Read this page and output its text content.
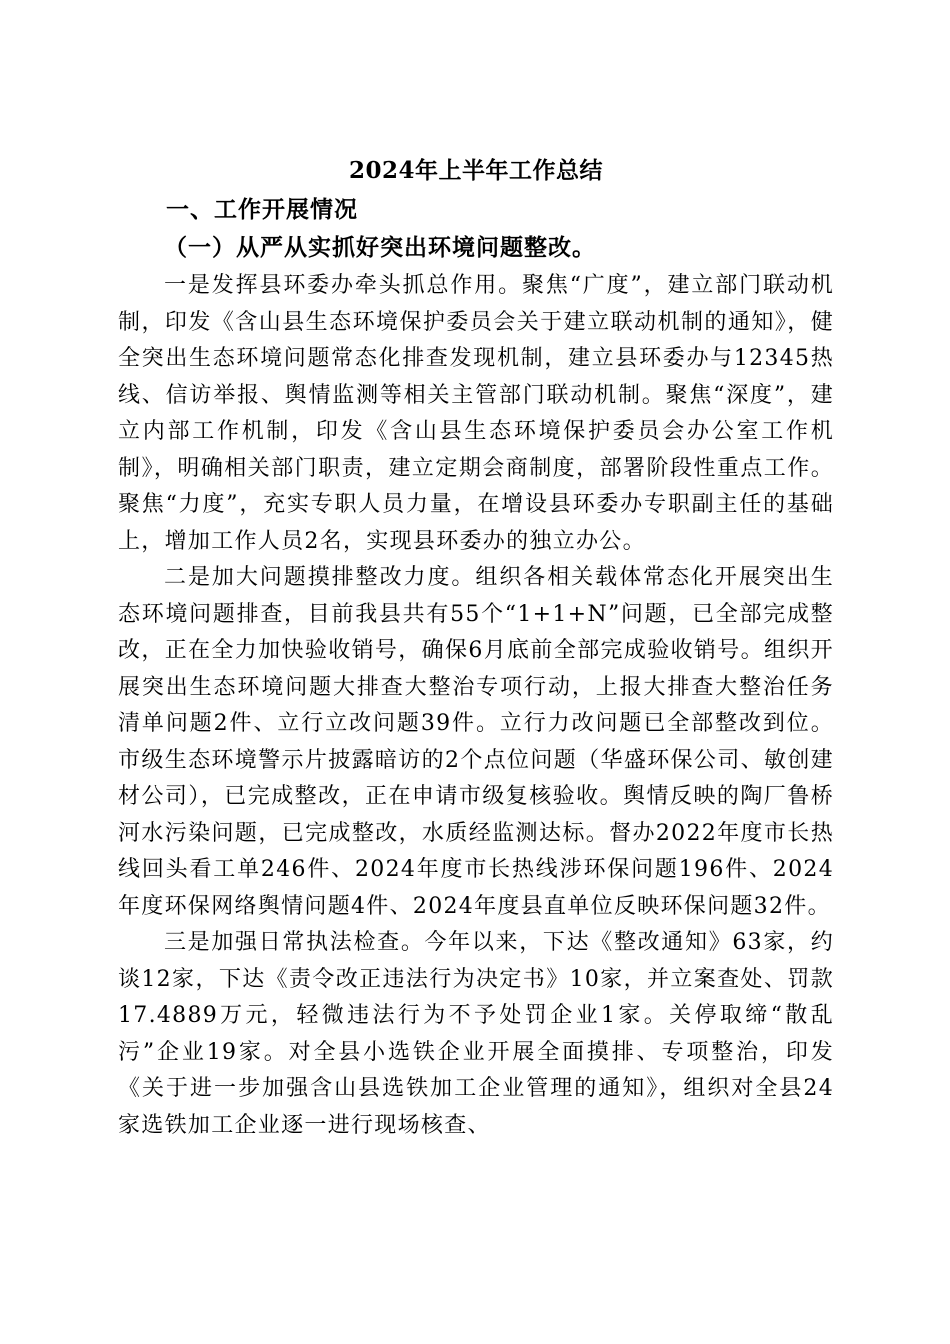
2024年上半年工作总结
一、工作开展情况
（一）从严从实抓好突出环境问题整改。

一是发挥县环委办牵头抓总作用。聚焦“广度”，建立部门联动机制，印发《含山县生态环境保护委员会关于建立联动机制的通知》，健全突出生态环境问题常态化排查发现机制，建立县环委办与12345热线、信访举报、舆情监测等相关主管部门联动机制。聚焦“深度”，建立内部工作机制，印发《含山县生态环境保护委员会办公室工作机制》，明确相关部门职责，建立定期会商制度，部署阶段性重点工作。聚焦“力度”，充实专职人员力量，在增设县环委办专职副主任的基础上，增加工作人员2名，实现县环委办的独立办公。

二是加大问题摸排整改力度。组织各相关载体常态化开展突出生态环境问题排查，目前我县共有55个“1+1+N”问题，已全部完成整改，正在全力加快验收销号，确保6月底前全部完成验收销号。组织开展突出生态环境问题大排查大整治专项行动，上报大排查大整治任务清单问题2件、立行立改问题39件。立行力改问题已全部整改到位。市级生态环境警示片披露暗访的2个点位问题（华盛环保公司、敏创建材公司），已完成整改，正在申请市级复核验收。舆情反映的陶厂鲁桥河水污染问题，已完成整改，水质经监测达标。督办2022年度市长热线回头看工单246件、2024年度市长热线涉环保问题196件、2024年度环保网络舆情问题4件、2024年度县直单位反映环保问题32件。

三是加强日常执法检查。今年以来，下达《整改通知》63家，约谈12家，下达《责令改正违法行为决定书》10家，并立案查处、罚款17.4889万元，轻微违法行为不予处罚企业1家。关停取缔“散乱污”企业19家。对全县小选铁企业开展全面摸排、专项整治，印发《关于进一步加强含山县选铁加工企业管理的通知》，组织对全县24家选铁加工企业逐一进行现场核查、
